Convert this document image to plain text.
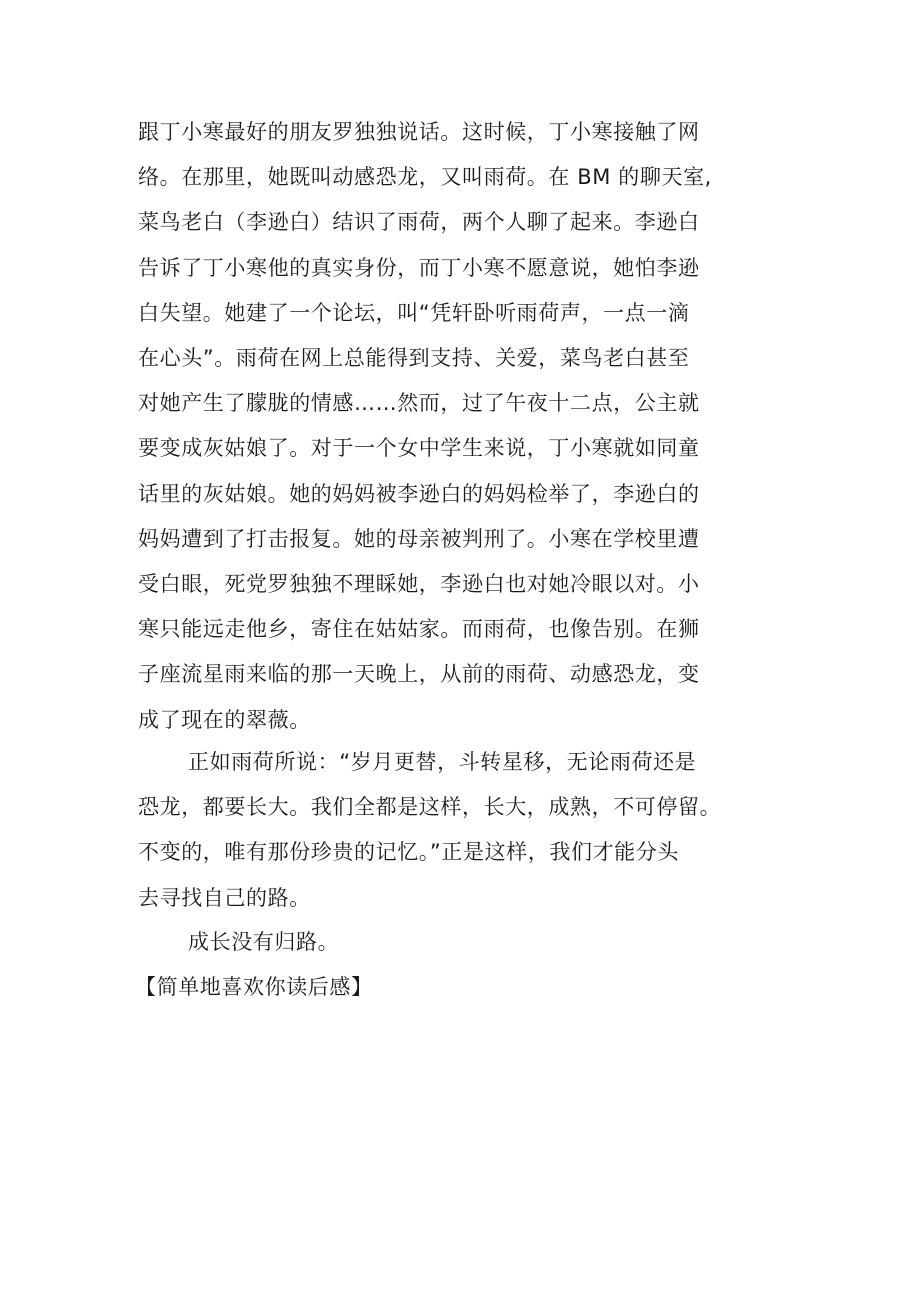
跟丁小寒最好的朋友罗独独说话。这时候，丁小寒接触了网
络。在那里，她既叫动感恐龙，又叫雨荷。在 BM 的聊天室,
菜鸟老白（李逊白）结识了雨荷，两个人聊了起来。李逊白
告诉了丁小寒他的真实身份，而丁小寒不愿意说，她怕李逊
白失望。她建了一个论坛，叫“凭轩卧听雨荷声，一点一滴
在心头”。雨荷在网上总能得到支持、关爱，菜鸟老白甚至
对她产生了朦胧的情感……然而，过了午夜十二点，公主就
要变成灰姑娘了。对于一个女中学生来说，丁小寒就如同童
话里的灰姑娘。她的妈妈被李逊白的妈妈检举了，李逊白的
妈妈遭到了打击报复。她的母亲被判刑了。小寒在学校里遭
受白眼，死党罗独独不理睬她，李逊白也对她冷眼以对。小
寒只能远走他乡，寄住在姑姑家。而雨荷，也像告别。在狮
子座流星雨来临的那一天晚上，从前的雨荷、动感恐龙，变
成了现在的翠薇。
正如雨荷所说：“岁月更替，斗转星移，无论雨荷还是
恐龙，都要长大。我们全都是这样，长大，成熟，不可停留。
不变的，唯有那份珍贵的记忆。”正是这样，我们才能分头
去寻找自己的路。
成长没有归路。
【简单地喜欢你读后感】
